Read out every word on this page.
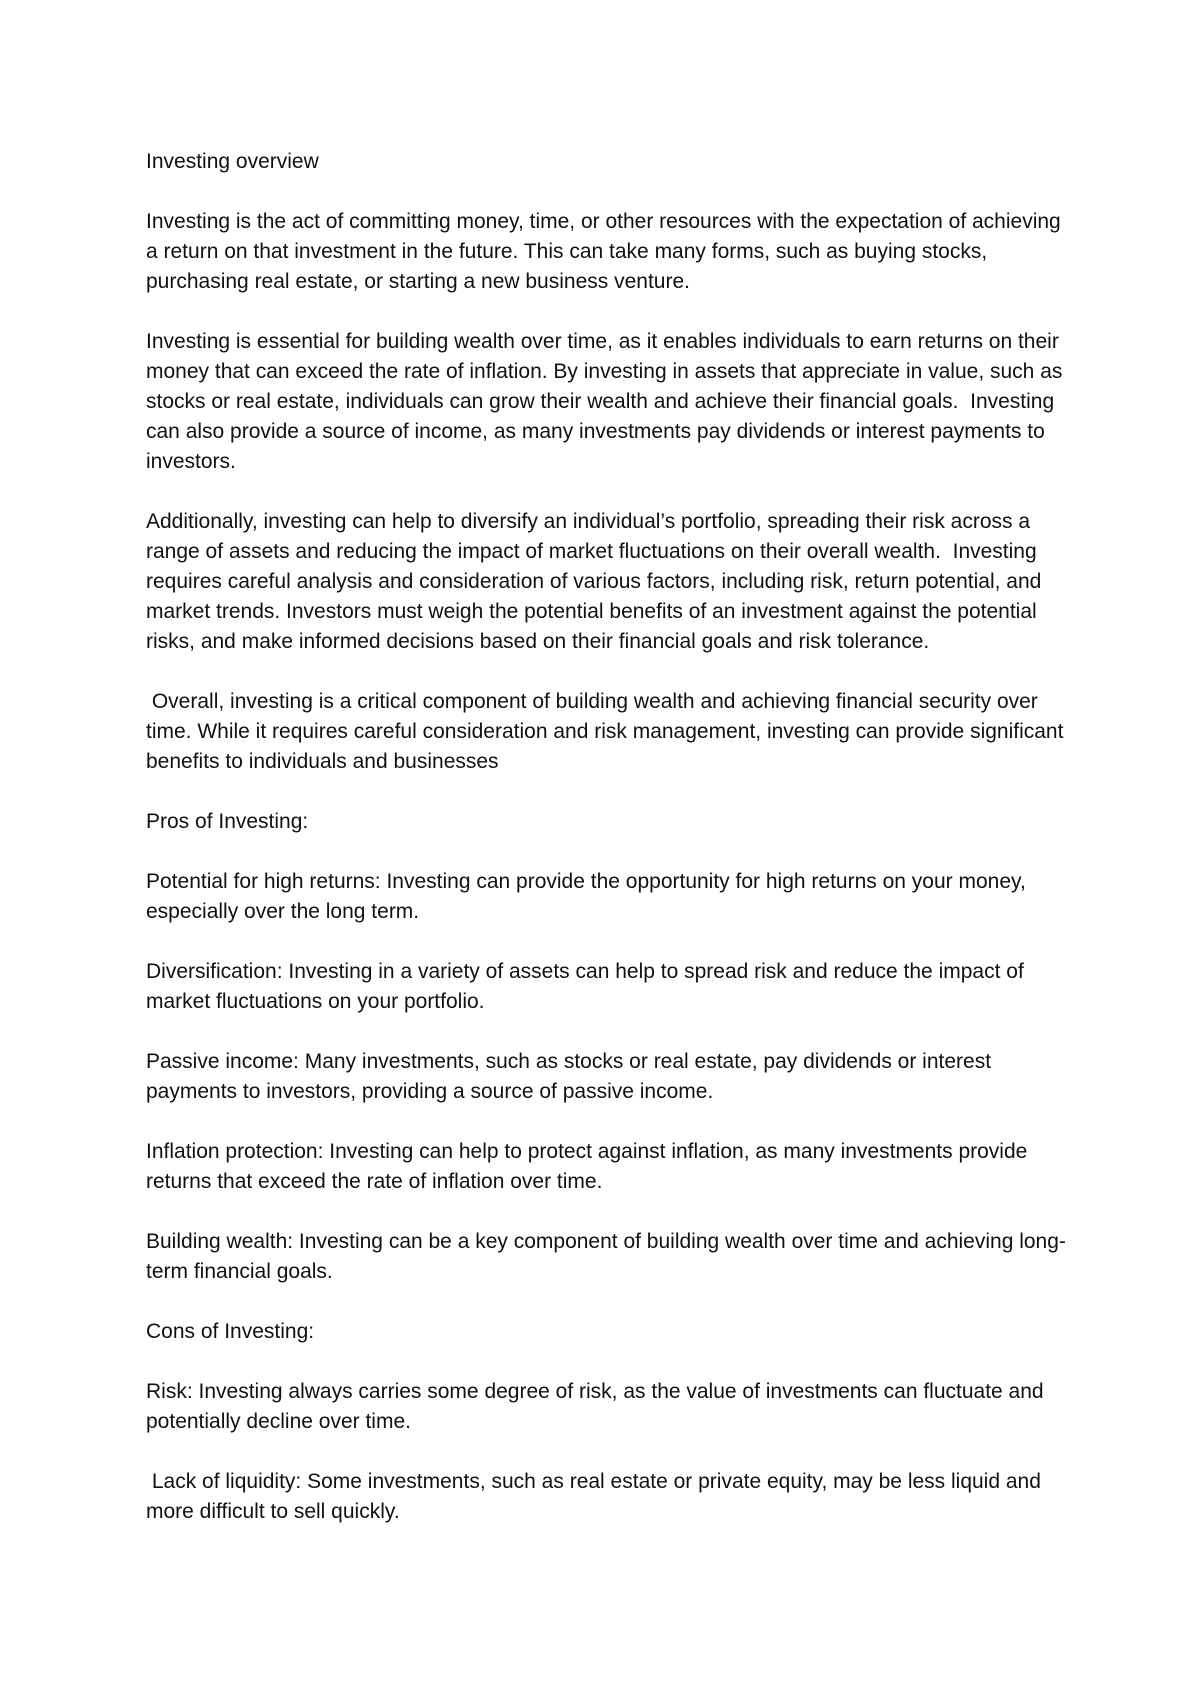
Investing overview

Investing is the act of committing money, time, or other resources with the expectation of achieving a return on that investment in the future. This can take many forms, such as buying stocks, purchasing real estate, or starting a new business venture.

Investing is essential for building wealth over time, as it enables individuals to earn returns on their money that can exceed the rate of inflation. By investing in assets that appreciate in value, such as stocks or real estate, individuals can grow their wealth and achieve their financial goals.  Investing can also provide a source of income, as many investments pay dividends or interest payments to investors.

Additionally, investing can help to diversify an individual’s portfolio, spreading their risk across a range of assets and reducing the impact of market fluctuations on their overall wealth.  Investing requires careful analysis and consideration of various factors, including risk, return potential, and market trends. Investors must weigh the potential benefits of an investment against the potential risks, and make informed decisions based on their financial goals and risk tolerance.

Overall, investing is a critical component of building wealth and achieving financial security over time. While it requires careful consideration and risk management, investing can provide significant benefits to individuals and businesses

Pros of Investing:

Potential for high returns: Investing can provide the opportunity for high returns on your money, especially over the long term.

Diversification: Investing in a variety of assets can help to spread risk and reduce the impact of market fluctuations on your portfolio.

Passive income: Many investments, such as stocks or real estate, pay dividends or interest payments to investors, providing a source of passive income.

Inflation protection: Investing can help to protect against inflation, as many investments provide returns that exceed the rate of inflation over time.

Building wealth: Investing can be a key component of building wealth over time and achieving long-term financial goals.

Cons of Investing:

Risk: Investing always carries some degree of risk, as the value of investments can fluctuate and potentially decline over time.

Lack of liquidity: Some investments, such as real estate or private equity, may be less liquid and more difficult to sell quickly.
